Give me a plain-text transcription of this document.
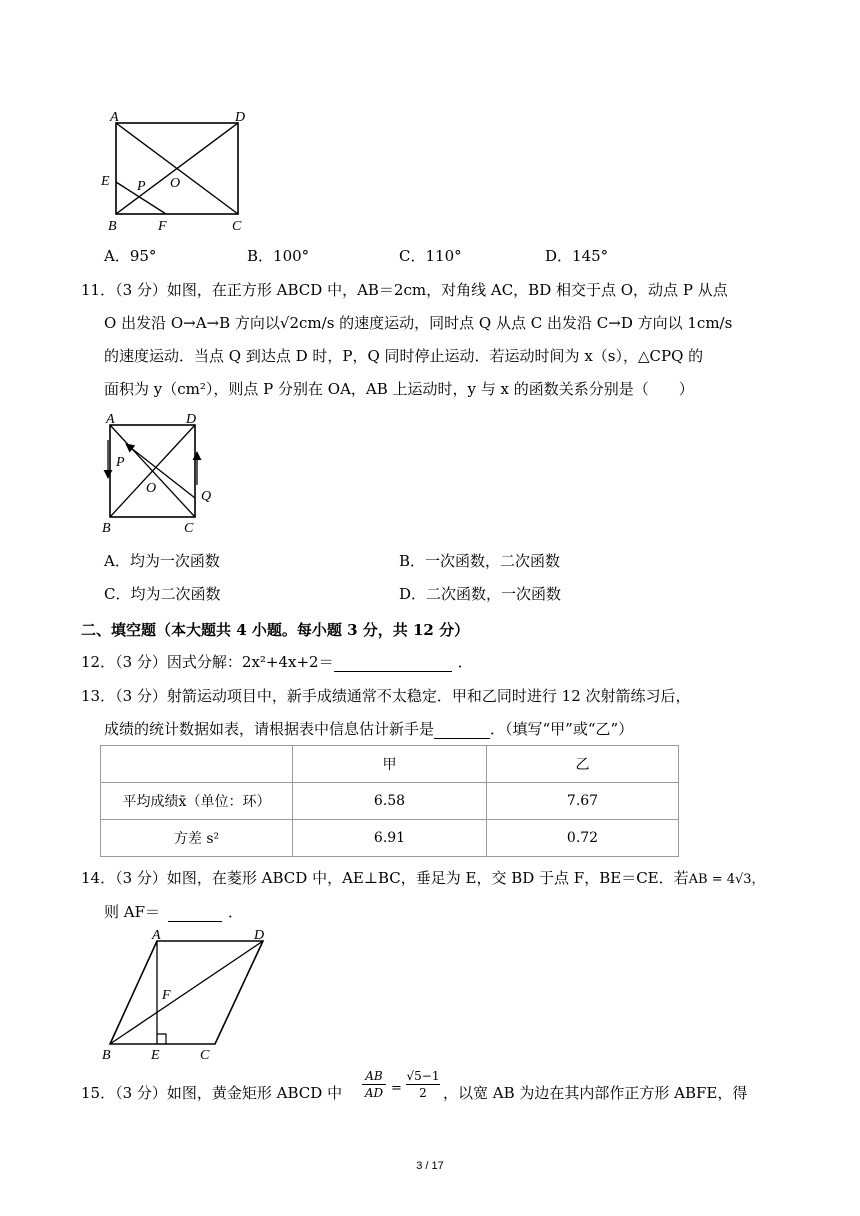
A	D
E P O
B	F	C
A．95°	B．100°	C．110°	D．145°
11．（3 分）如图，在正方形 ABCD 中，AB＝2cm，对角线 AC，BD 相交于点 O，动点 P 从点
O 出发沿 O→A→B 方向以√2cm/s 的速度运动，同时点 Q 从点 C 出发沿 C→D 方向以 1cm/s
的速度运动．当点 Q 到达点 D 时，P，Q 同时停止运动．若运动时间为 x（s），△CPQ 的
面积为 y（cm²），则点 P 分别在 OA，AB 上运动时，y 与 x 的函数关系分别是（　　）
A	D
P
O
Q
B	C
A．均为一次函数	B．一次函数，二次函数
C．均为二次函数	D．二次函数，一次函数
二、填空题（本大题共 4 小题。每小题 3 分，共 12 分）
12．（3 分）因式分解：2x²+4x+2＝	．
13．（3 分）射箭运动项目中，新手成绩通常不太稳定．甲和乙同时进行 12 次射箭练习后，
成绩的统计数据如表，请根据表中信息估计新手是	．（填写“甲”或“乙”）
	甲	乙
平均成绩x̄（单位：环）	6.58	7.67
方差 s²	6.91	0.72
14．（3 分）如图，在菱形 ABCD 中，AE⊥BC，垂足为 E，交 BD 于点 F，BE＝CE．若AB = 4√3，
则 AF＝	．
A	D
F
B	E	C
15．（3 分）如图，黄金矩形 ABCD 中
AB
AD =
√5−1
2	，以宽 AB 为边在其内部作正方形 ABFE，得
3 / 17
